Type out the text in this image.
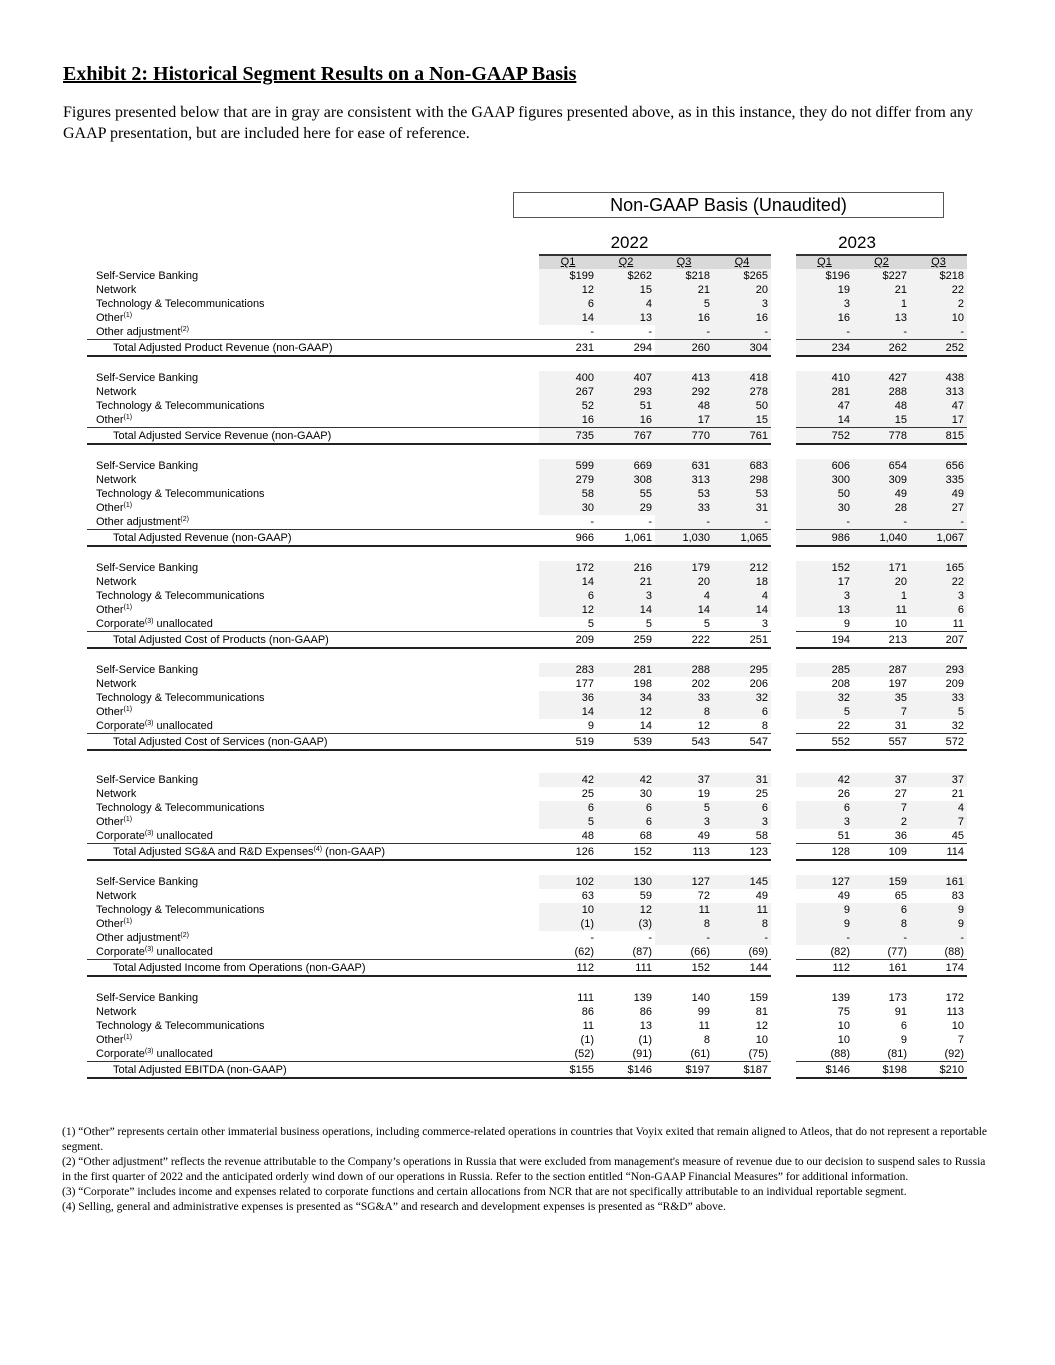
Exhibit 2: Historical Segment Results on a Non-GAAP Basis
Figures presented below that are in gray are consistent with the GAAP figures presented above, as in this instance, they do not differ from any GAAP presentation, but are included here for ease of reference.
Non-GAAP Basis (Unaudited)
2022	2023
	Q1	Q2	Q3	Q4		Q1	Q2	Q3
Self-Service Banking	$199	$262	$218	$265		$196	$227	$218
Network	12	15	21	20		19	21	22
Technology & Telecommunications	6	4	5	3		3	1	2
Other$^{(1)}$	14	13	16	16		16	13	10
Other adjustment$^{(2)}$	-	-	-	-		-	-	-
Total Adjusted Product Revenue (non-GAAP)	231	294	260	304		234	262	252

Self-Service Banking	400	407	413	418		410	427	438
Network	267	293	292	278		281	288	313
Technology & Telecommunications	52	51	48	50		47	48	47
Other$^{(1)}$	16	16	17	15		14	15	17
Total Adjusted Service Revenue (non-GAAP)	735	767	770	761		752	778	815

Self-Service Banking	599	669	631	683		606	654	656
Network	279	308	313	298		300	309	335
Technology & Telecommunications	58	55	53	53		50	49	49
Other$^{(1)}$	30	29	33	31		30	28	27
Other adjustment$^{(2)}$	-	-	-	-		-	-	-
Total Adjusted Revenue (non-GAAP)	966	1,061	1,030	1,065		986	1,040	1,067

Self-Service Banking	172	216	179	212		152	171	165
Network	14	21	20	18		17	20	22
Technology & Telecommunications	6	3	4	4		3	1	3
Other$^{(1)}$	12	14	14	14		13	11	6
Corporate$^{(3)}$ unallocated	5	5	5	3		9	10	11
Total Adjusted Cost of Products (non-GAAP)	209	259	222	251		194	213	207

Self-Service Banking	283	281	288	295		285	287	293
Network	177	198	202	206		208	197	209
Technology & Telecommunications	36	34	33	32		32	35	33
Other$^{(1)}$	14	12	8	6		5	7	5
Corporate$^{(3)}$ unallocated	9	14	12	8		22	31	32
Total Adjusted Cost of Services (non-GAAP)	519	539	543	547		552	557	572

Self-Service Banking	42	42	37	31		42	37	37
Network	25	30	19	25		26	27	21
Technology & Telecommunications	6	6	5	6		6	7	4
Other$^{(1)}$	5	6	3	3		3	2	7
Corporate$^{(3)}$ unallocated	48	68	49	58		51	36	45
Total Adjusted SG&A and R&D Expenses$^{(4)}$ (non-GAAP)	126	152	113	123		128	109	114

Self-Service Banking	102	130	127	145		127	159	161
Network	63	59	72	49		49	65	83
Technology & Telecommunications	10	12	11	11		9	6	9
Other$^{(1)}$	(1)	(3)	8	8		9	8	9
Other adjustment$^{(2)}$	-	-	-	-		-	-	-
Corporate$^{(3)}$ unallocated	(62)	(87)	(66)	(69)		(82)	(77)	(88)
Total Adjusted Income from Operations (non-GAAP)	112	111	152	144		112	161	174

Self-Service Banking	111	139	140	159		139	173	172
Network	86	86	99	81		75	91	113
Technology & Telecommunications	11	13	11	12		10	6	10
Other$^{(1)}$	(1)	(1)	8	10		10	9	7
Corporate$^{(3)}$ unallocated	(52)	(91)	(61)	(75)		(88)	(81)	(92)
Total Adjusted EBITDA (non-GAAP)	$155	$146	$197	$187		$146	$198	$210

(1) “Other” represents certain other immaterial business operations, including commerce-related operations in countries that Voyix exited that remain aligned to Atleos, that do not represent a reportable segment.

(2) “Other adjustment” reflects the revenue attributable to the Company’s operations in Russia that were excluded from management's measure of revenue due to our decision to suspend sales to Russia in the first quarter of 2022 and the anticipated orderly wind down of our operations in Russia. Refer to the section entitled “Non-GAAP Financial Measures” for additional information.

(3) “Corporate” includes income and expenses related to corporate functions and certain allocations from NCR that are not specifically attributable to an individual reportable segment.

(4) Selling, general and administrative expenses is presented as “SG&A” and research and development expenses is presented as “R&D” above.
